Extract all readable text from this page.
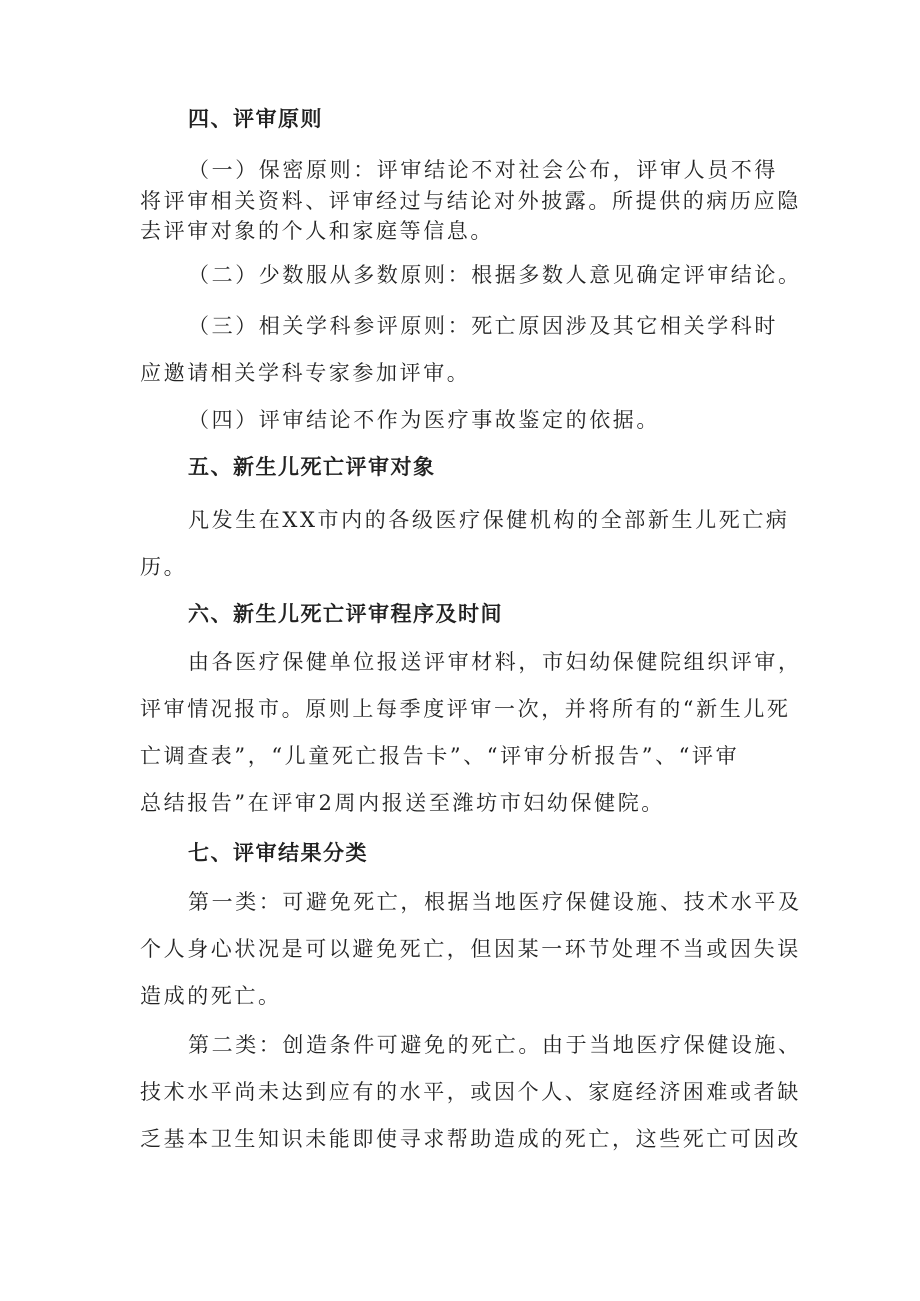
四、评审原则
（一）保密原则：评审结论不对社会公布，评审人员不得
将评审相关资料、评审经过与结论对外披露。所提供的病历应隐
去评审对象的个人和家庭等信息。
（二）少数服从多数原则：根据多数人意见确定评审结论。
（三）相关学科参评原则：死亡原因涉及其它相关学科时
应邀请相关学科专家参加评审。
（四）评审结论不作为医疗事故鉴定的依据。
五、新生儿死亡评审对象
凡发生在XX市内的各级医疗保健机构的全部新生儿死亡病
历。
六、新生儿死亡评审程序及时间
由各医疗保健单位报送评审材料，市妇幼保健院组织评审，
评审情况报市。原则上每季度评审一次，并将所有的“新生儿死
亡调查表”，“儿童死亡报告卡”、“评审分析报告”、“评审
总结报告”在评审2周内报送至潍坊市妇幼保健院。
七、评审结果分类
第一类：可避免死亡，根据当地医疗保健设施、技术水平及
个人身心状况是可以避免死亡，但因某一环节处理不当或因失误
造成的死亡。
第二类：创造条件可避免的死亡。由于当地医疗保健设施、
技术水平尚未达到应有的水平，或因个人、家庭经济困难或者缺
乏基本卫生知识未能即使寻求帮助造成的死亡，这些死亡可因改
